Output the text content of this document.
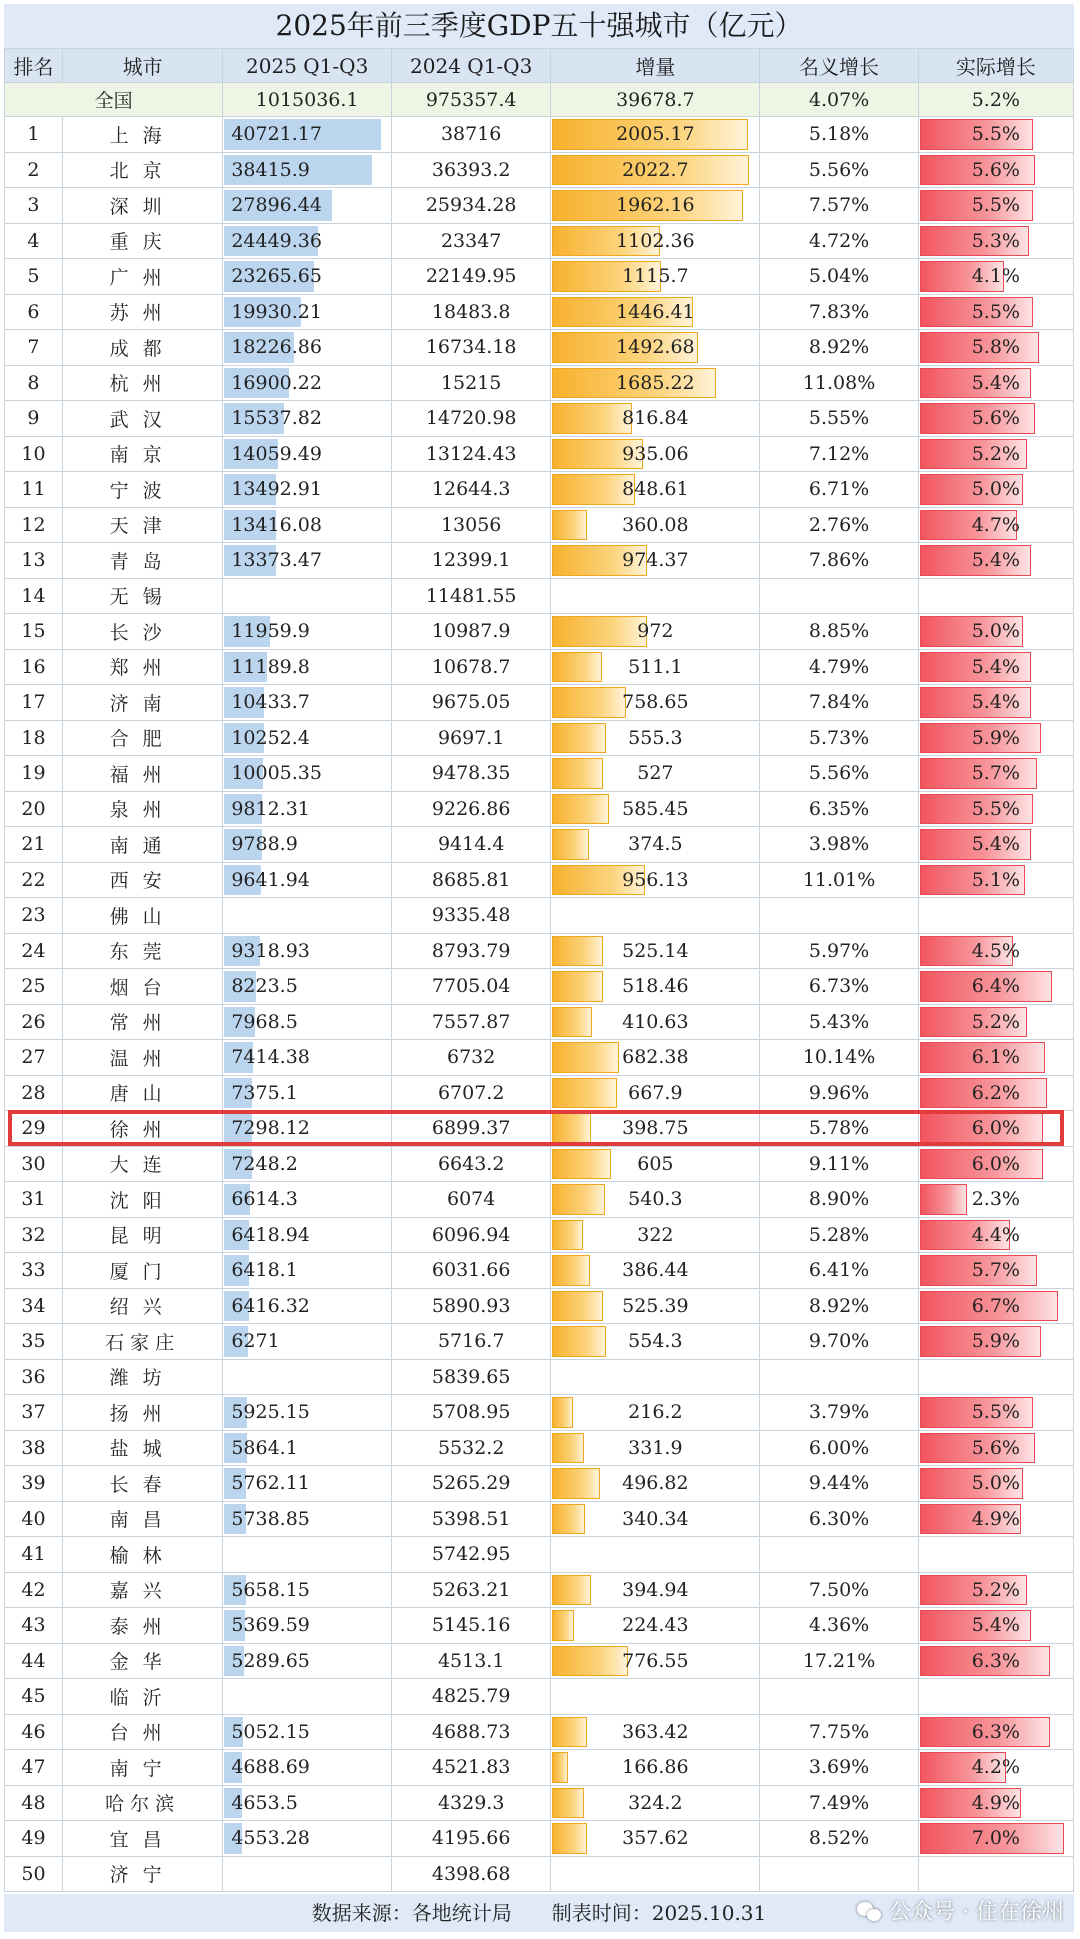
2025年前三季度GDP五十强城市（亿元）
排名	城市	2025 Q1-Q3	2024 Q1-Q3	增量	名义增长	实际增长
全国		1015036.1	975357.4	39678.7	4.07%	5.2%
1	上海	40721.17	38716	2005.17	5.18%	5.5%
2	北京	38415.9	36393.2	2022.7	5.56%	5.6%
3	深圳	27896.44	25934.28	1962.16	7.57%	5.5%
4	重庆	24449.36	23347	1102.36	4.72%	5.3%
5	广州	23265.65	22149.95	1115.7	5.04%	4.1%
6	苏州	19930.21	18483.8	1446.41	7.83%	5.5%
7	成都	18226.86	16734.18	1492.68	8.92%	5.8%
8	杭州	16900.22	15215	1685.22	11.08%	5.4%
9	武汉	15537.82	14720.98	816.84	5.55%	5.6%
10	南京	14059.49	13124.43	935.06	7.12%	5.2%
11	宁波	13492.91	12644.3	848.61	6.71%	5.0%
12	天津	13416.08	13056	360.08	2.76%	4.7%
13	青岛	13373.47	12399.1	974.37	7.86%	5.4%
14	无锡		11481.55			
15	长沙	11959.9	10987.9	972	8.85%	5.0%
16	郑州	11189.8	10678.7	511.1	4.79%	5.4%
17	济南	10433.7	9675.05	758.65	7.84%	5.4%
18	合肥	10252.4	9697.1	555.3	5.73%	5.9%
19	福州	10005.35	9478.35	527	5.56%	5.7%
20	泉州	9812.31	9226.86	585.45	6.35%	5.5%
21	南通	9788.9	9414.4	374.5	3.98%	5.4%
22	西安	9641.94	8685.81	956.13	11.01%	5.1%
23	佛山		9335.48			
24	东莞	9318.93	8793.79	525.14	5.97%	4.5%
25	烟台	8223.5	7705.04	518.46	6.73%	6.4%
26	常州	7968.5	7557.87	410.63	5.43%	5.2%
27	温州	7414.38	6732	682.38	10.14%	6.1%
28	唐山	7375.1	6707.2	667.9	9.96%	6.2%
29	徐州	7298.12	6899.37	398.75	5.78%	6.0%
30	大连	7248.2	6643.2	605	9.11%	6.0%
31	沈阳	6614.3	6074	540.3	8.90%	2.3%
32	昆明	6418.94	6096.94	322	5.28%	4.4%
33	厦门	6418.1	6031.66	386.44	6.41%	5.7%
34	绍兴	6416.32	5890.93	525.39	8.92%	6.7%
35	石家庄	6271	5716.7	554.3	9.70%	5.9%
36	潍坊		5839.65			
37	扬州	5925.15	5708.95	216.2	3.79%	5.5%
38	盐城	5864.1	5532.2	331.9	6.00%	5.6%
39	长春	5762.11	5265.29	496.82	9.44%	5.0%
40	南昌	5738.85	5398.51	340.34	6.30%	4.9%
41	榆林		5742.95			
42	嘉兴	5658.15	5263.21	394.94	7.50%	5.2%
43	泰州	5369.59	5145.16	224.43	4.36%	5.4%
44	金华	5289.65	4513.1	776.55	17.21%	6.3%
45	临沂		4825.79			
46	台州	5052.15	4688.73	363.42	7.75%	6.3%
47	南宁	4688.69	4521.83	166.86	3.69%	4.2%
48	哈尔滨	4653.5	4329.3	324.2	7.49%	4.9%
49	宜昌	4553.28	4195.66	357.62	8.52%	7.0%
50	济宁		4398.68			
数据来源：各地统计局　　制表时间：2025.10.31	公众号 · 住在徐州
